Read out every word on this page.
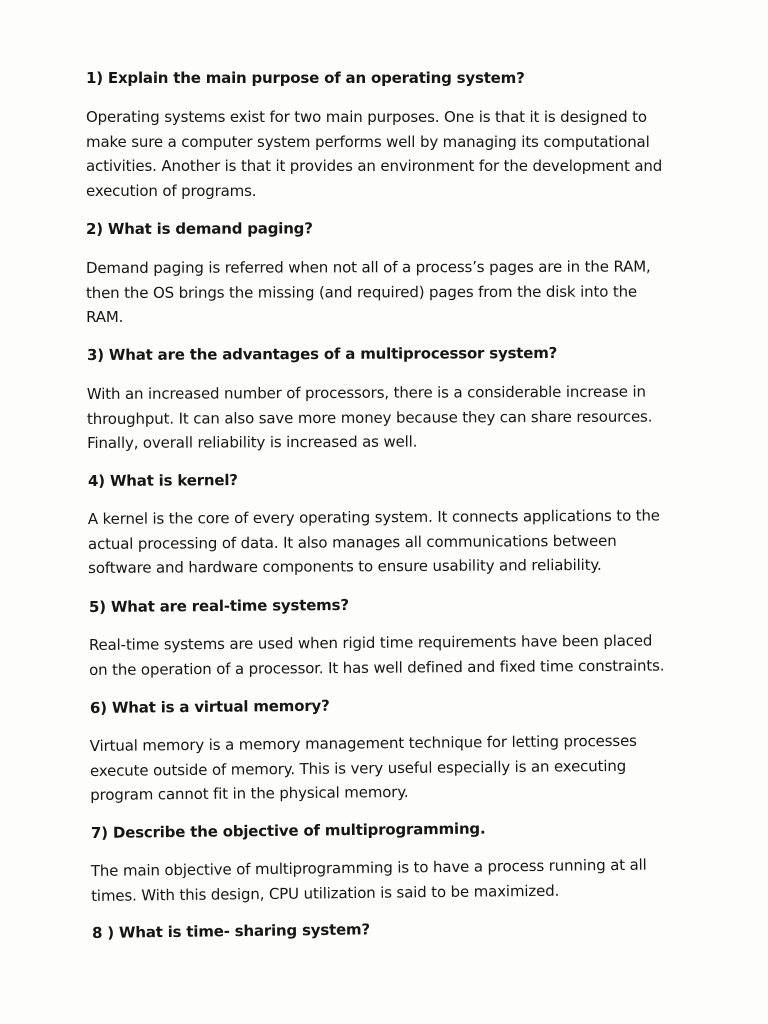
1) Explain the main purpose of an operating system?

Operating systems exist for two main purposes. One is that it is designed to
make sure a computer system performs well by managing its computational
activities. Another is that it provides an environment for the development and
execution of programs.

2) What is demand paging?

Demand paging is referred when not all of a process’s pages are in the RAM,
then the OS brings the missing (and required) pages from the disk into the
RAM.

3) What are the advantages of a multiprocessor system?

With an increased number of processors, there is a considerable increase in
throughput. It can also save more money because they can share resources.
Finally, overall reliability is increased as well.

4) What is kernel?

A kernel is the core of every operating system. It connects applications to the
actual processing of data. It also manages all communications between
software and hardware components to ensure usability and reliability.

5) What are real-time systems?

Real-time systems are used when rigid time requirements have been placed
on the operation of a processor. It has well defined and fixed time constraints.

6) What is a virtual memory?

Virtual memory is a memory management technique for letting processes
execute outside of memory. This is very useful especially is an executing
program cannot fit in the physical memory.

7) Describe the objective of multiprogramming.

The main objective of multiprogramming is to have a process running at all
times. With this design, CPU utilization is said to be maximized.

8 ) What is time- sharing system?
